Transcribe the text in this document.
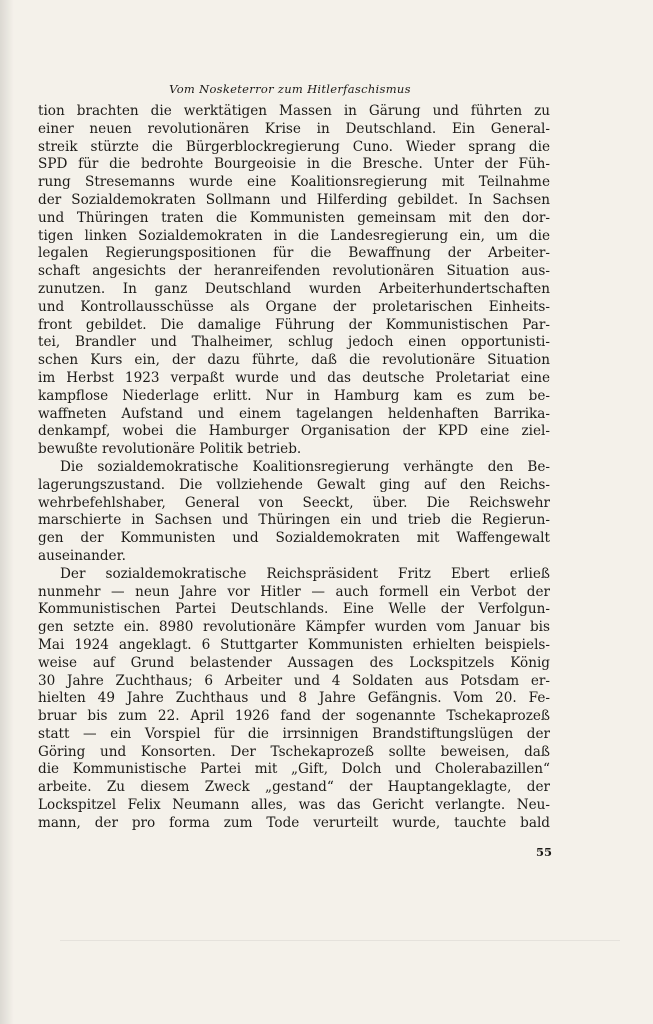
Vom Nosketerror zum Hitlerfaschismus
tion brachten die werktätigen Massen in Gärung und führten zu
einer neuen revolutionären Krise in Deutschland. Ein General-
streik stürzte die Bürgerblockregierung Cuno. Wieder sprang die
SPD für die bedrohte Bourgeoisie in die Bresche. Unter der Füh-
rung Stresemanns wurde eine Koalitionsregierung mit Teilnahme
der Sozialdemokraten Sollmann und Hilferding gebildet. In Sachsen
und Thüringen traten die Kommunisten gemeinsam mit den dor-
tigen linken Sozialdemokraten in die Landesregierung ein, um die
legalen Regierungspositionen für die Bewaffnung der Arbeiter-
schaft angesichts der heranreifenden revolutionären Situation aus-
zunutzen. In ganz Deutschland wurden Arbeiterhundertschaften
und Kontrollausschüsse als Organe der proletarischen Einheits-
front gebildet. Die damalige Führung der Kommunistischen Par-
tei, Brandler und Thalheimer, schlug jedoch einen opportunisti-
schen Kurs ein, der dazu führte, daß die revolutionäre Situation
im Herbst 1923 verpaßt wurde und das deutsche Proletariat eine
kampflose Niederlage erlitt. Nur in Hamburg kam es zum be-
waffneten Aufstand und einem tagelangen heldenhaften Barrika-
denkampf, wobei die Hamburger Organisation der KPD eine ziel-
bewußte revolutionäre Politik betrieb.
Die sozialdemokratische Koalitionsregierung verhängte den Be-
lagerungszustand. Die vollziehende Gewalt ging auf den Reichs-
wehrbefehlshaber, General von Seeckt, über. Die Reichswehr
marschierte in Sachsen und Thüringen ein und trieb die Regierun-
gen der Kommunisten und Sozialdemokraten mit Waffengewalt
auseinander.
Der sozialdemokratische Reichspräsident Fritz Ebert erließ
nunmehr — neun Jahre vor Hitler — auch formell ein Verbot der
Kommunistischen Partei Deutschlands. Eine Welle der Verfolgun-
gen setzte ein. 8980 revolutionäre Kämpfer wurden vom Januar bis
Mai 1924 angeklagt. 6 Stuttgarter Kommunisten erhielten beispiels-
weise auf Grund belastender Aussagen des Lockspitzels König
30 Jahre Zuchthaus; 6 Arbeiter und 4 Soldaten aus Potsdam er-
hielten 49 Jahre Zuchthaus und 8 Jahre Gefängnis. Vom 20. Fe-
bruar bis zum 22. April 1926 fand der sogenannte Tschekaprozeß
statt — ein Vorspiel für die irrsinnigen Brandstiftungslügen der
Göring und Konsorten. Der Tschekaprozeß sollte beweisen, daß
die Kommunistische Partei mit „Gift, Dolch und Cholerabazillen“
arbeite. Zu diesem Zweck „gestand“ der Hauptangeklagte, der
Lockspitzel Felix Neumann alles, was das Gericht verlangte. Neu-
mann, der pro forma zum Tode verurteilt wurde, tauchte bald
55
